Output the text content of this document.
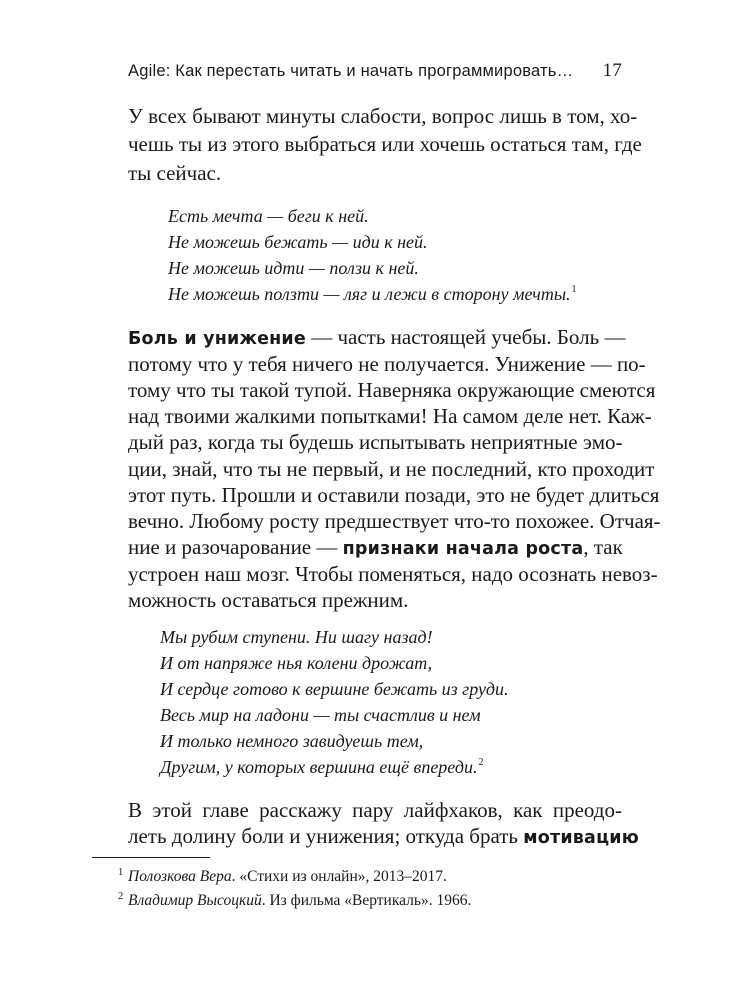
Agile: Как перестать читать и начать программировать… 17
У всех бывают минуты слабости, вопрос лишь в том, хо-
чешь ты из этого выбраться или хочешь остаться там, где
ты сейчас.
Есть мечта — беги к ней.
Не можешь бежать — иди к ней.
Не можешь идти — ползи к ней.
Не можешь ползти — ляг и лежи в сторону мечты.$^1$
Боль и унижение — часть настоящей учебы. Боль —
потому что у тебя ничего не получается. Унижение — по-
тому что ты такой тупой. Наверняка окружающие смеются
над твоими жалкими попытками! На самом деле нет. Каж-
дый раз, когда ты будешь испытывать неприятные эмо-
ции, знай, что ты не первый, и не последний, кто проходит
этот путь. Прошли и оставили позади, это не будет длиться
вечно. Любому росту предшествует что-то похожее. Отчая-
ние и разочарование — признаки начала роста, так
устроен наш мозг. Чтобы поменяться, надо осознать невоз-
можность оставаться прежним.
Мы рубим ступени. Ни шагу назад!
И от напряже нья колени дрожат,
И сердце готово к вершине бежать из груди.
Весь мир на ладони — ты счастлив и нем
И только немного завидуешь тем,
Другим, у которых вершина ещё впереди.$^2$
В этой главе расскажу пару лайфхаков, как преодо-
леть долину боли и унижения; откуда брать мотивацию
1 Полозкова Вера. «Стихи из онлайн», 2013–2017.
2 Владимир Высоцкий. Из фильма «Вертикаль». 1966.
